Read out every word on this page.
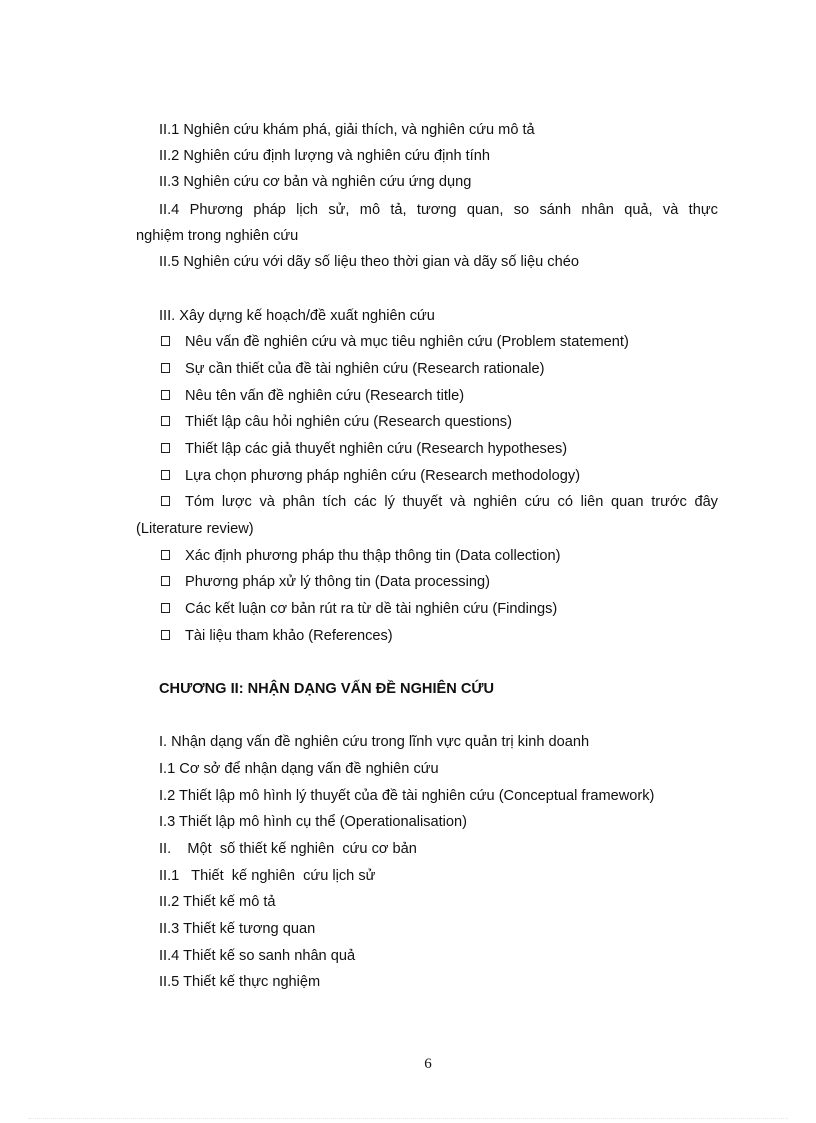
II.1 Nghiên cứu khám phá, giải thích, và nghiên cứu mô tả
II.2 Nghiên cứu định lượng và nghiên cứu định tính
II.3 Nghiên cứu cơ bản và nghiên cứu ứng dụng
II.4 Phương pháp lịch sử, mô tả, tương quan, so sánh nhân quả, và thực
nghiệm trong nghiên cứu
II.5 Nghiên cứu với dãy số liệu theo thời gian và dãy số liệu chéo
III. Xây dựng kế hoạch/đề xuất nghiên cứu
Nêu vấn đề nghiên cứu và mục tiêu nghiên cứu (Problem statement)
Sự cần thiết của đề tài nghiên cứu (Research rationale)
Nêu tên vấn đề nghiên cứu (Research title)
Thiết lập câu hỏi nghiên cứu (Research questions)
Thiết lập các giả thuyết nghiên cứu (Research hypotheses)
Lựa chọn phương pháp nghiên cứu (Research methodology)
Tóm lược và phân tích các lý thuyết và nghiên cứu có liên quan trước đây
(Literature review)
Xác định phương pháp thu thập thông tin (Data collection)
Phương pháp xử lý thông tin (Data processing)
Các kết luận cơ bản rút ra từ dề tài nghiên cứu (Findings)
Tài liệu tham khảo (References)
CHƯƠNG II: NHẬN DẠNG VẤN ĐỀ NGHIÊN CỨU
I. Nhận dạng vấn đề nghiên cứu trong lĩnh vực quản trị kinh doanh
I.1 Cơ sở để nhận dạng vấn đề nghiên cứu
I.2 Thiết lập mô hình lý thuyết của đề tài nghiên cứu (Conceptual framework)
I.3 Thiết lập mô hình cụ thể (Operationalisation)
II.    Một  số thiết kế nghiên  cứu cơ bản
II.1   Thiết  kế nghiên  cứu lịch sử
II.2 Thiết kế mô tả
II.3 Thiết kế tương quan
II.4 Thiết kế so sanh nhân quả
II.5 Thiết kế thực nghiệm
6
